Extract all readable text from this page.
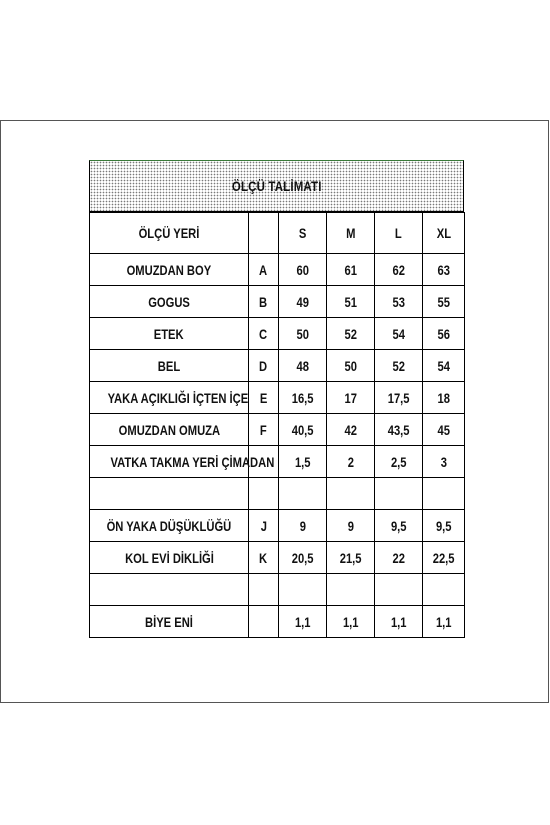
ÖLÇÜ TALİMATI
ÖLÇÜ YERİ		S	M	L	XL
OMUZDAN BOY	A	60	61	62	63
GOGUS	B	49	51	53	55
ETEK	C	50	52	54	56
BEL	D	48	50	52	54
YAKA AÇIKLIĞI İÇTEN İÇE	E	16,5	17	17,5	18
OMUZDAN OMUZA	F	40,5	42	43,5	45
VATKA TAKMA YERİ ÇİMADAN		1,5	2	2,5	3

ÖN YAKA DÜŞÜKLÜĞÜ	J	9	9	9,5	9,5
KOL EVİ DİKLİĞİ	K	20,5	21,5	22	22,5

BİYE ENİ		1,1	1,1	1,1	1,1
